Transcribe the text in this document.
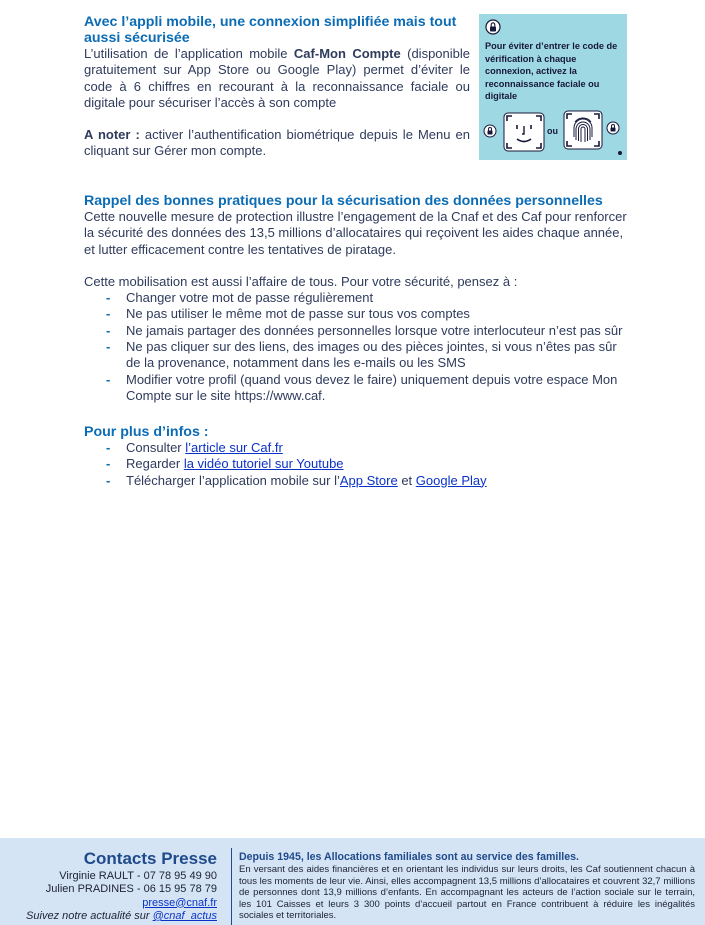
Avec l’appli mobile, une connexion simplifiée mais tout aussi sécurisée

L’utilisation de l’application mobile Caf-Mon Compte (disponible gratuitement sur App Store ou Google Play) permet d’éviter le code à 6 chiffres en recourant à la reconnaissance faciale ou digitale pour sécuriser l’accès à son compte

A noter : activer l’authentification biométrique depuis le Menu en cliquant sur Gérer mon compte.

Pour éviter d’entrer le code de vérification à chaque connexion, activez la reconnaissance faciale ou digitale
ou

Rappel des bonnes pratiques pour la sécurisation des données personnelles

Cette nouvelle mesure de protection illustre l’engagement de la Cnaf et des Caf pour renforcer la sécurité des données des 13,5 millions d’allocataires qui reçoivent les aides chaque année, et lutter efficacement contre les tentatives de piratage.

Cette mobilisation est aussi l’affaire de tous. Pour votre sécurité, pensez à :

- Changer votre mot de passe régulièrement
- Ne pas utiliser le même mot de passe sur tous vos comptes
- Ne jamais partager des données personnelles lorsque votre interlocuteur n’est pas sûr
- Ne pas cliquer sur des liens, des images ou des pièces jointes, si vous n’êtes pas sûr de la provenance, notamment dans les e-mails ou les SMS
- Modifier votre profil (quand vous devez le faire) uniquement depuis votre espace Mon Compte sur le site https://www.caf.

Pour plus d’infos :

- Consulter l’article sur Caf.fr
- Regarder la vidéo tutoriel sur Youtube
- Télécharger l’application mobile sur l’App Store et Google Play
Contacts Presse
Virginie RAULT - 07 78 95 49 90
Julien PRADINES - 06 15 95 78 79
presse@cnaf.fr
Suivez notre actualité sur @cnaf_actus
Depuis 1945, les Allocations familiales sont au service des familles.
En versant des aides financières et en orientant les individus sur leurs droits, les Caf soutiennent chacun à tous les moments de leur vie. Ainsi, elles accompagnent 13,5 millions d’allocataires et couvrent 32,7 millions de personnes dont 13,9 millions d’enfants. En accompagnant les acteurs de l’action sociale sur le terrain, les 101 Caisses et leurs 3 300 points d’accueil partout en France contribuent à réduire les inégalités sociales et territoriales.
